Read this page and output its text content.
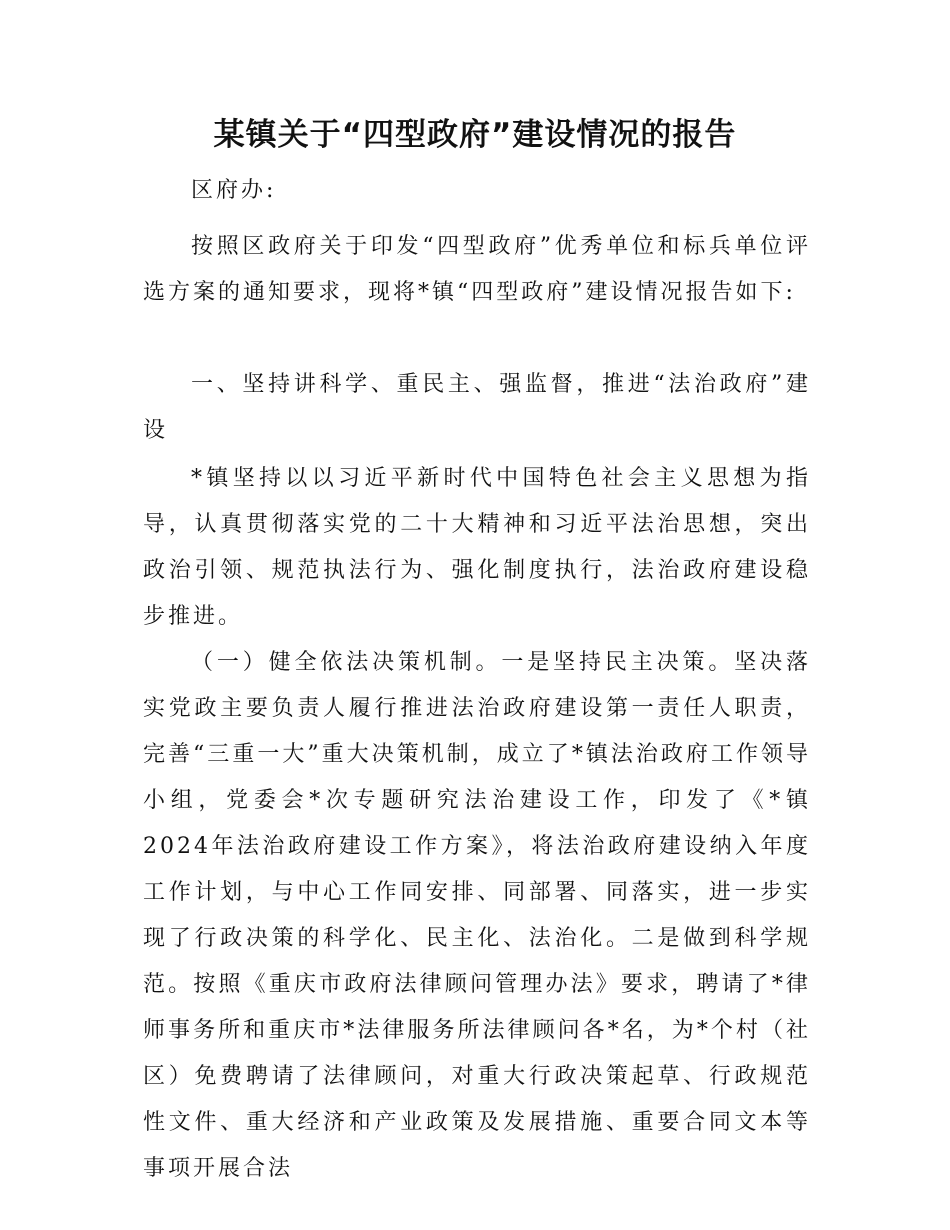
某镇关于“四型政府”建设情况的报告

区府办:

按照区政府关于印发“四型政府”优秀单位和标兵单位评选方案的通知要求，现将*镇“四型政府”建设情况报告如下:

一、坚持讲科学、重民主、强监督，推进“法治政府”建设

*镇坚持以以习近平新时代中国特色社会主义思想为指导，认真贯彻落实党的二十大精神和习近平法治思想，突出政治引领、规范执法行为、强化制度执行，法治政府建设稳步推进。

（一）健全依法决策机制。一是坚持民主决策。坚决落实党政主要负责人履行推进法治政府建设第一责任人职责，完善“三重一大”重大决策机制，成立了*镇法治政府工作领导小组，党委会*次专题研究法治建设工作，印发了《*镇2024年法治政府建设工作方案》，将法治政府建设纳入年度工作计划，与中心工作同安排、同部署、同落实，进一步实现了行政决策的科学化、民主化、法治化。二是做到科学规范。按照《重庆市政府法律顾问管理办法》要求，聘请了*律师事务所和重庆市*法律服务所法律顾问各*名，为*个村（社区）免费聘请了法律顾问，对重大行政决策起草、行政规范性文件、重大经济和产业政策及发展措施、重要合同文本等事项开展合法
